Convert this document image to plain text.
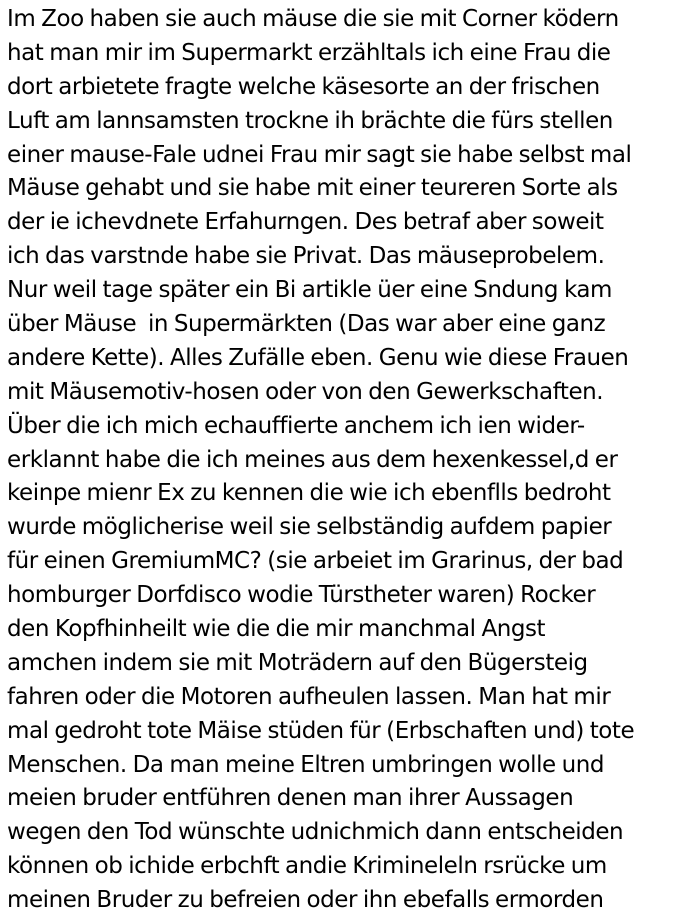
Im Zoo haben sie auch mäuse die sie mit Corner ködern
hat man mir im Supermarkt erzähltals ich eine Frau die
dort arbietete fragte welche käsesorte an der frischen
Luft am lannsamsten trockne ih brächte die fürs stellen
einer mause-Fale udnei Frau mir sagt sie habe selbst mal
Mäuse gehabt und sie habe mit einer teureren Sorte als
der ie ichevdnete Erfahurngen. Des betraf aber soweit
ich das varstnde habe sie Privat. Das mäuseprobelem.
Nur weil tage später ein Bi artikle üer eine Sndung kam
über Mäuse  in Supermärkten (Das war aber eine ganz
andere Kette). Alles Zufälle eben. Genu wie diese Frauen
mit Mäusemotiv-hosen oder von den Gewerkschaften.
Über die ich mich echauffierte anchem ich ien wider-
erklannt habe die ich meines aus dem hexenkessel,d er
keinpe mienr Ex zu kennen die wie ich ebenflls bedroht
wurde möglicherise weil sie selbständig aufdem papier
für einen GremiumMC? (sie arbeiet im Grarinus, der bad
homburger Dorfdisco wodie Türstheter waren) Rocker
den Kopfhinheilt wie die die mir manchmal Angst
amchen indem sie mit Moträdern auf den Bügersteig
fahren oder die Motoren aufheulen lassen. Man hat mir
mal gedroht tote Mäise stüden für (Erbschaften und) tote
Menschen. Da man meine Eltren umbringen wolle und
meien bruder entführen denen man ihrer Aussagen
wegen den Tod wünschte udnichmich dann entscheiden
können ob ichide erbchft andie Krimineleln rsrücke um
meinen Bruder zu befreien oder ihn ebefalls ermorden
